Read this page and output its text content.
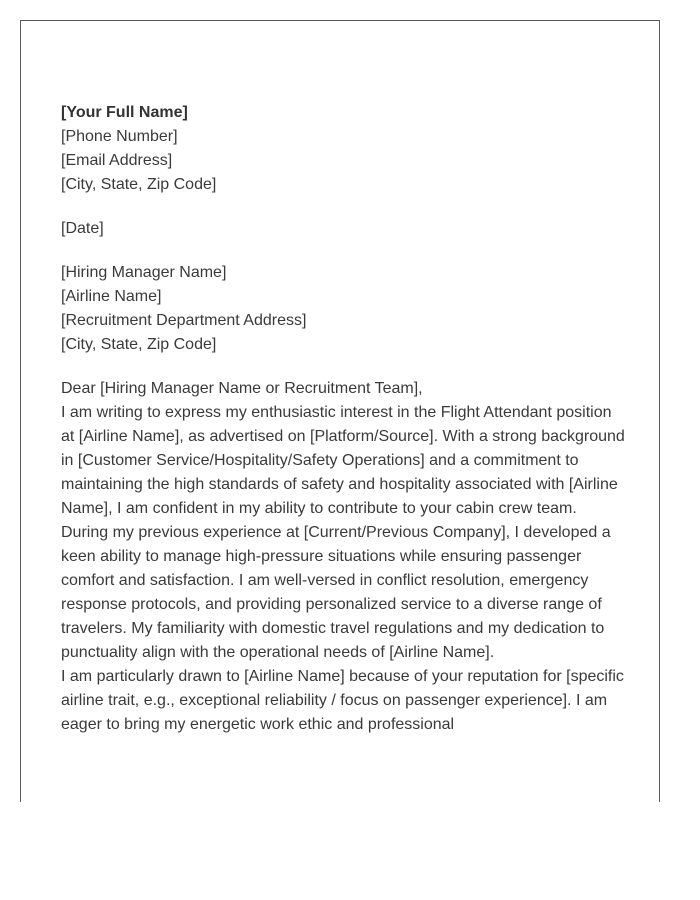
[Your Full Name]
[Phone Number]
[Email Address]
[City, State, Zip Code]
[Date]
[Hiring Manager Name]
[Airline Name]
[Recruitment Department Address]
[City, State, Zip Code]
Dear [Hiring Manager Name or Recruitment Team],

I am writing to express my enthusiastic interest in the Flight Attendant position at [Airline Name], as advertised on [Platform/Source]. With a strong background in [Customer Service/Hospitality/Safety Operations] and a commitment to maintaining the high standards of safety and hospitality associated with [Airline Name], I am confident in my ability to contribute to your cabin crew team.

During my previous experience at [Current/Previous Company], I developed a keen ability to manage high-pressure situations while ensuring passenger comfort and satisfaction. I am well-versed in conflict resolution, emergency response protocols, and providing personalized service to a diverse range of travelers. My familiarity with domestic travel regulations and my dedication to punctuality align with the operational needs of [Airline Name].

I am particularly drawn to [Airline Name] because of your reputation for [specific airline trait, e.g., exceptional reliability / focus on passenger experience]. I am eager to bring my energetic work ethic and professional
